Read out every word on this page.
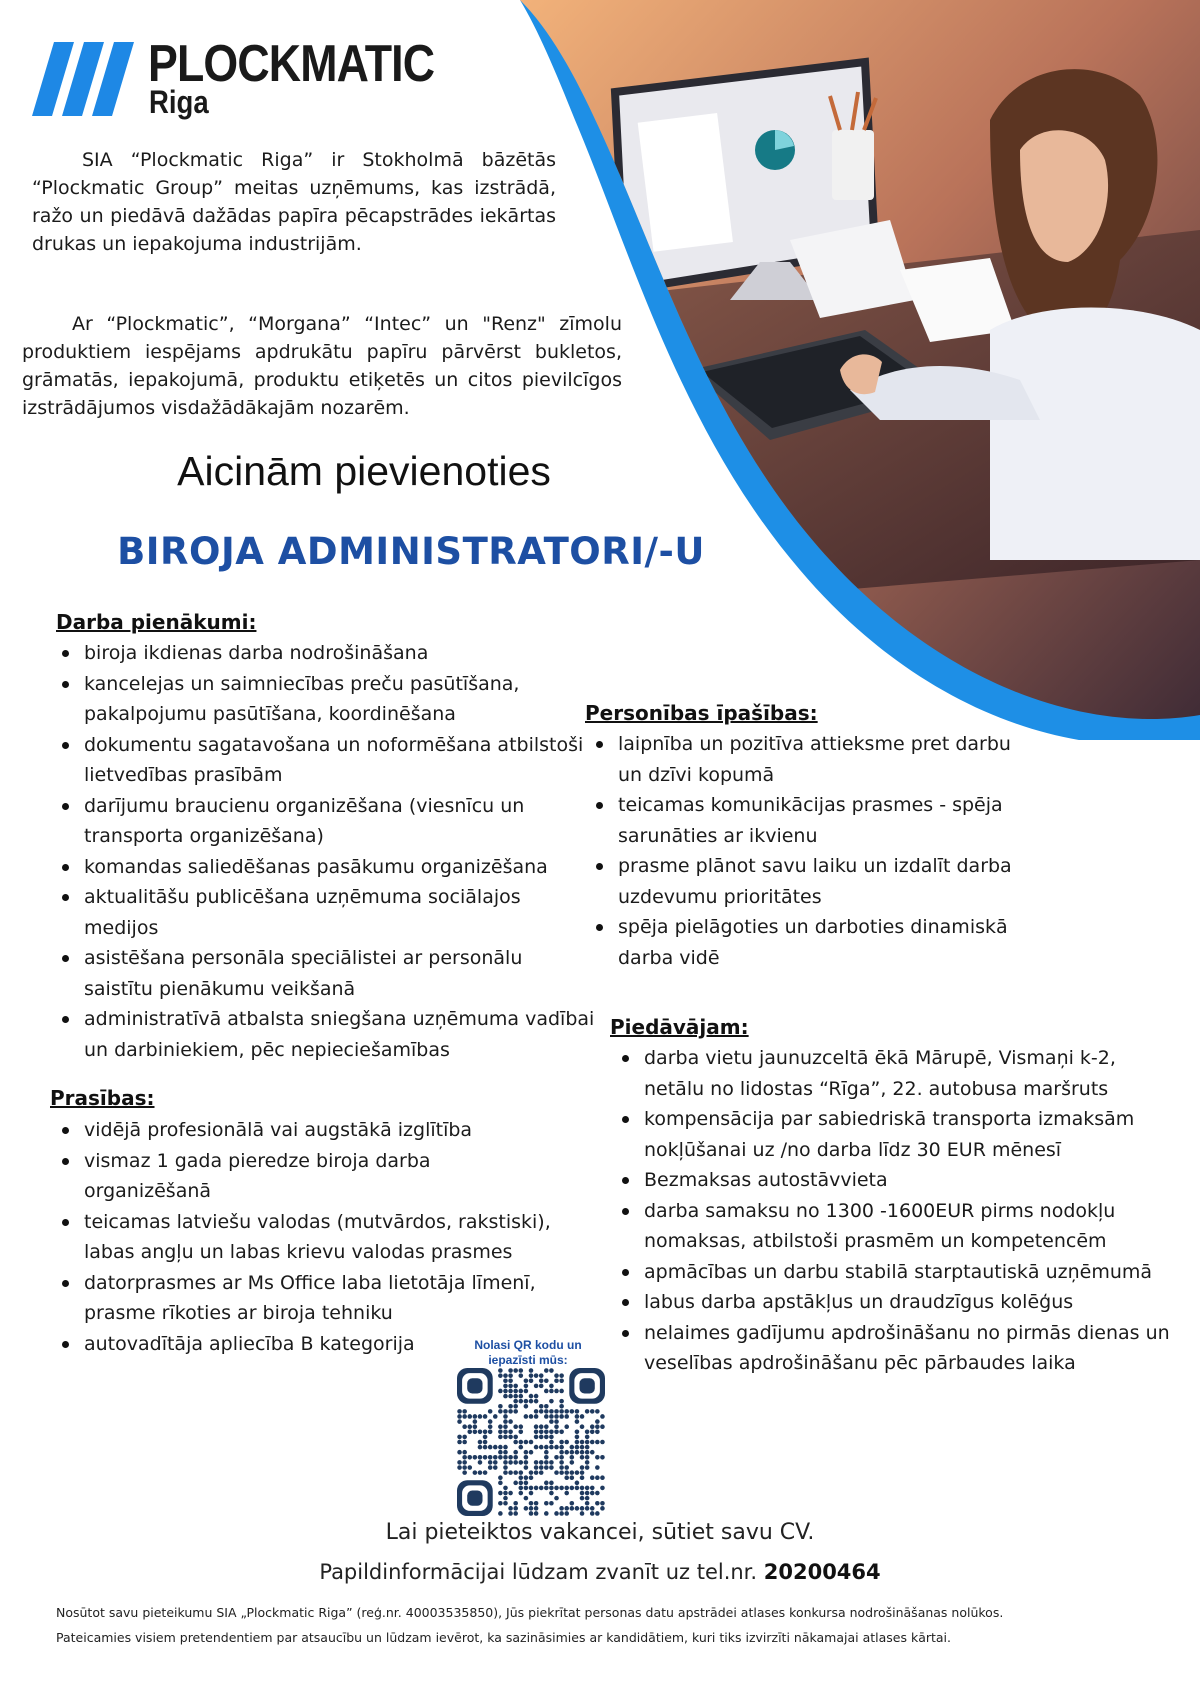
PLOCKMATIC
Riga

SIA “Plockmatic Riga” ir Stokholmā bāzētās “Plockmatic Group” meitas uzņēmums, kas izstrādā, ražo un piedāvā dažādas papīra pēcapstrādes iekārtas drukas un iepakojuma industrijām.

Ar “Plockmatic”, “Morgana” “Intec” un "Renz" zīmolu produktiem iespējams apdrukātu papīru pārvērst bukletos, grāmatās, iepakojumā, produktu etiķetēs un citos pievilcīgos izstrādājumos visdažādākajām nozarēm.

Aicinām pievienoties
BIROJA ADMINISTRATORI/-U

Darba pienākumi:

biroja ikdienas darba nodrošināšana
kancelejas un saimniecības preču pasūtīšana, pakalpojumu pasūtīšana, koordinēšana
dokumentu sagatavošana un noformēšana atbilstoši lietvedības prasībām
darījumu braucienu organizēšana (viesnīcu un transporta organizēšana)
komandas saliedēšanas pasākumu organizēšana
aktualitāšu publicēšana uzņēmuma sociālajos medijos
asistēšana personāla speciālistei ar personālu saistītu pienākumu veikšanā
administratīvā atbalsta sniegšana uzņēmuma vadībai un darbiniekiem, pēc nepieciešamības

Personības īpašības:

laipnība un pozitīva attieksme pret darbu un dzīvi kopumā
teicamas komunikācijas prasmes - spēja sarunāties ar ikvienu
prasme plānot savu laiku un izdalīt darba uzdevumu prioritātes
spēja pielāgoties un darboties dinamiskā darba vidē

Prasības:

vidējā profesionālā vai augstākā izglītība
vismaz 1 gada pieredze biroja darba organizēšanā
teicamas latviešu valodas (mutvārdos, rakstiski), labas angļu un labas krievu valodas prasmes
datorprasmes ar Ms Office laba lietotāja līmenī, prasme rīkoties ar biroja tehniku
autovadītāja apliecība B kategorija

Piedāvājam:

darba vietu jaunuzceltā ēkā Mārupē, Vismaņi k-2, netālu no lidostas “Rīga”, 22. autobusa maršruts
kompensācija par sabiedriskā transporta izmaksām nokļūšanai uz /no darba līdz 30 EUR mēnesī
Bezmaksas autostāvvieta
darba samaksu no 1300 -1600EUR pirms nodokļu nomaksas, atbilstoši prasmēm un kompetencēm
apmācības un darbu stabilā starptautiskā uzņēmumā
labus darba apstākļus un draudzīgus kolēģus
nelaimes gadījumu apdrošināšanu no pirmās dienas un veselības apdrošināšanu pēc pārbaudes laika
Nolasi QR kodu un iepazīsti mūs:
Lai pieteiktos vakancei, sūtiet savu CV.
Papildinformācijai lūdzam zvanīt uz tel.nr. 20200464
Nosūtot savu pieteikumu SIA „Plockmatic Riga” (reģ.nr. 40003535850), Jūs piekrītat personas datu apstrādei atlases konkursa nodrošināšanas nolūkos.
Pateicamies visiem pretendentiem par atsaucību un lūdzam ievērot, ka sazināsimies ar kandidātiem, kuri tiks izvirzīti nākamajai atlases kārtai.
